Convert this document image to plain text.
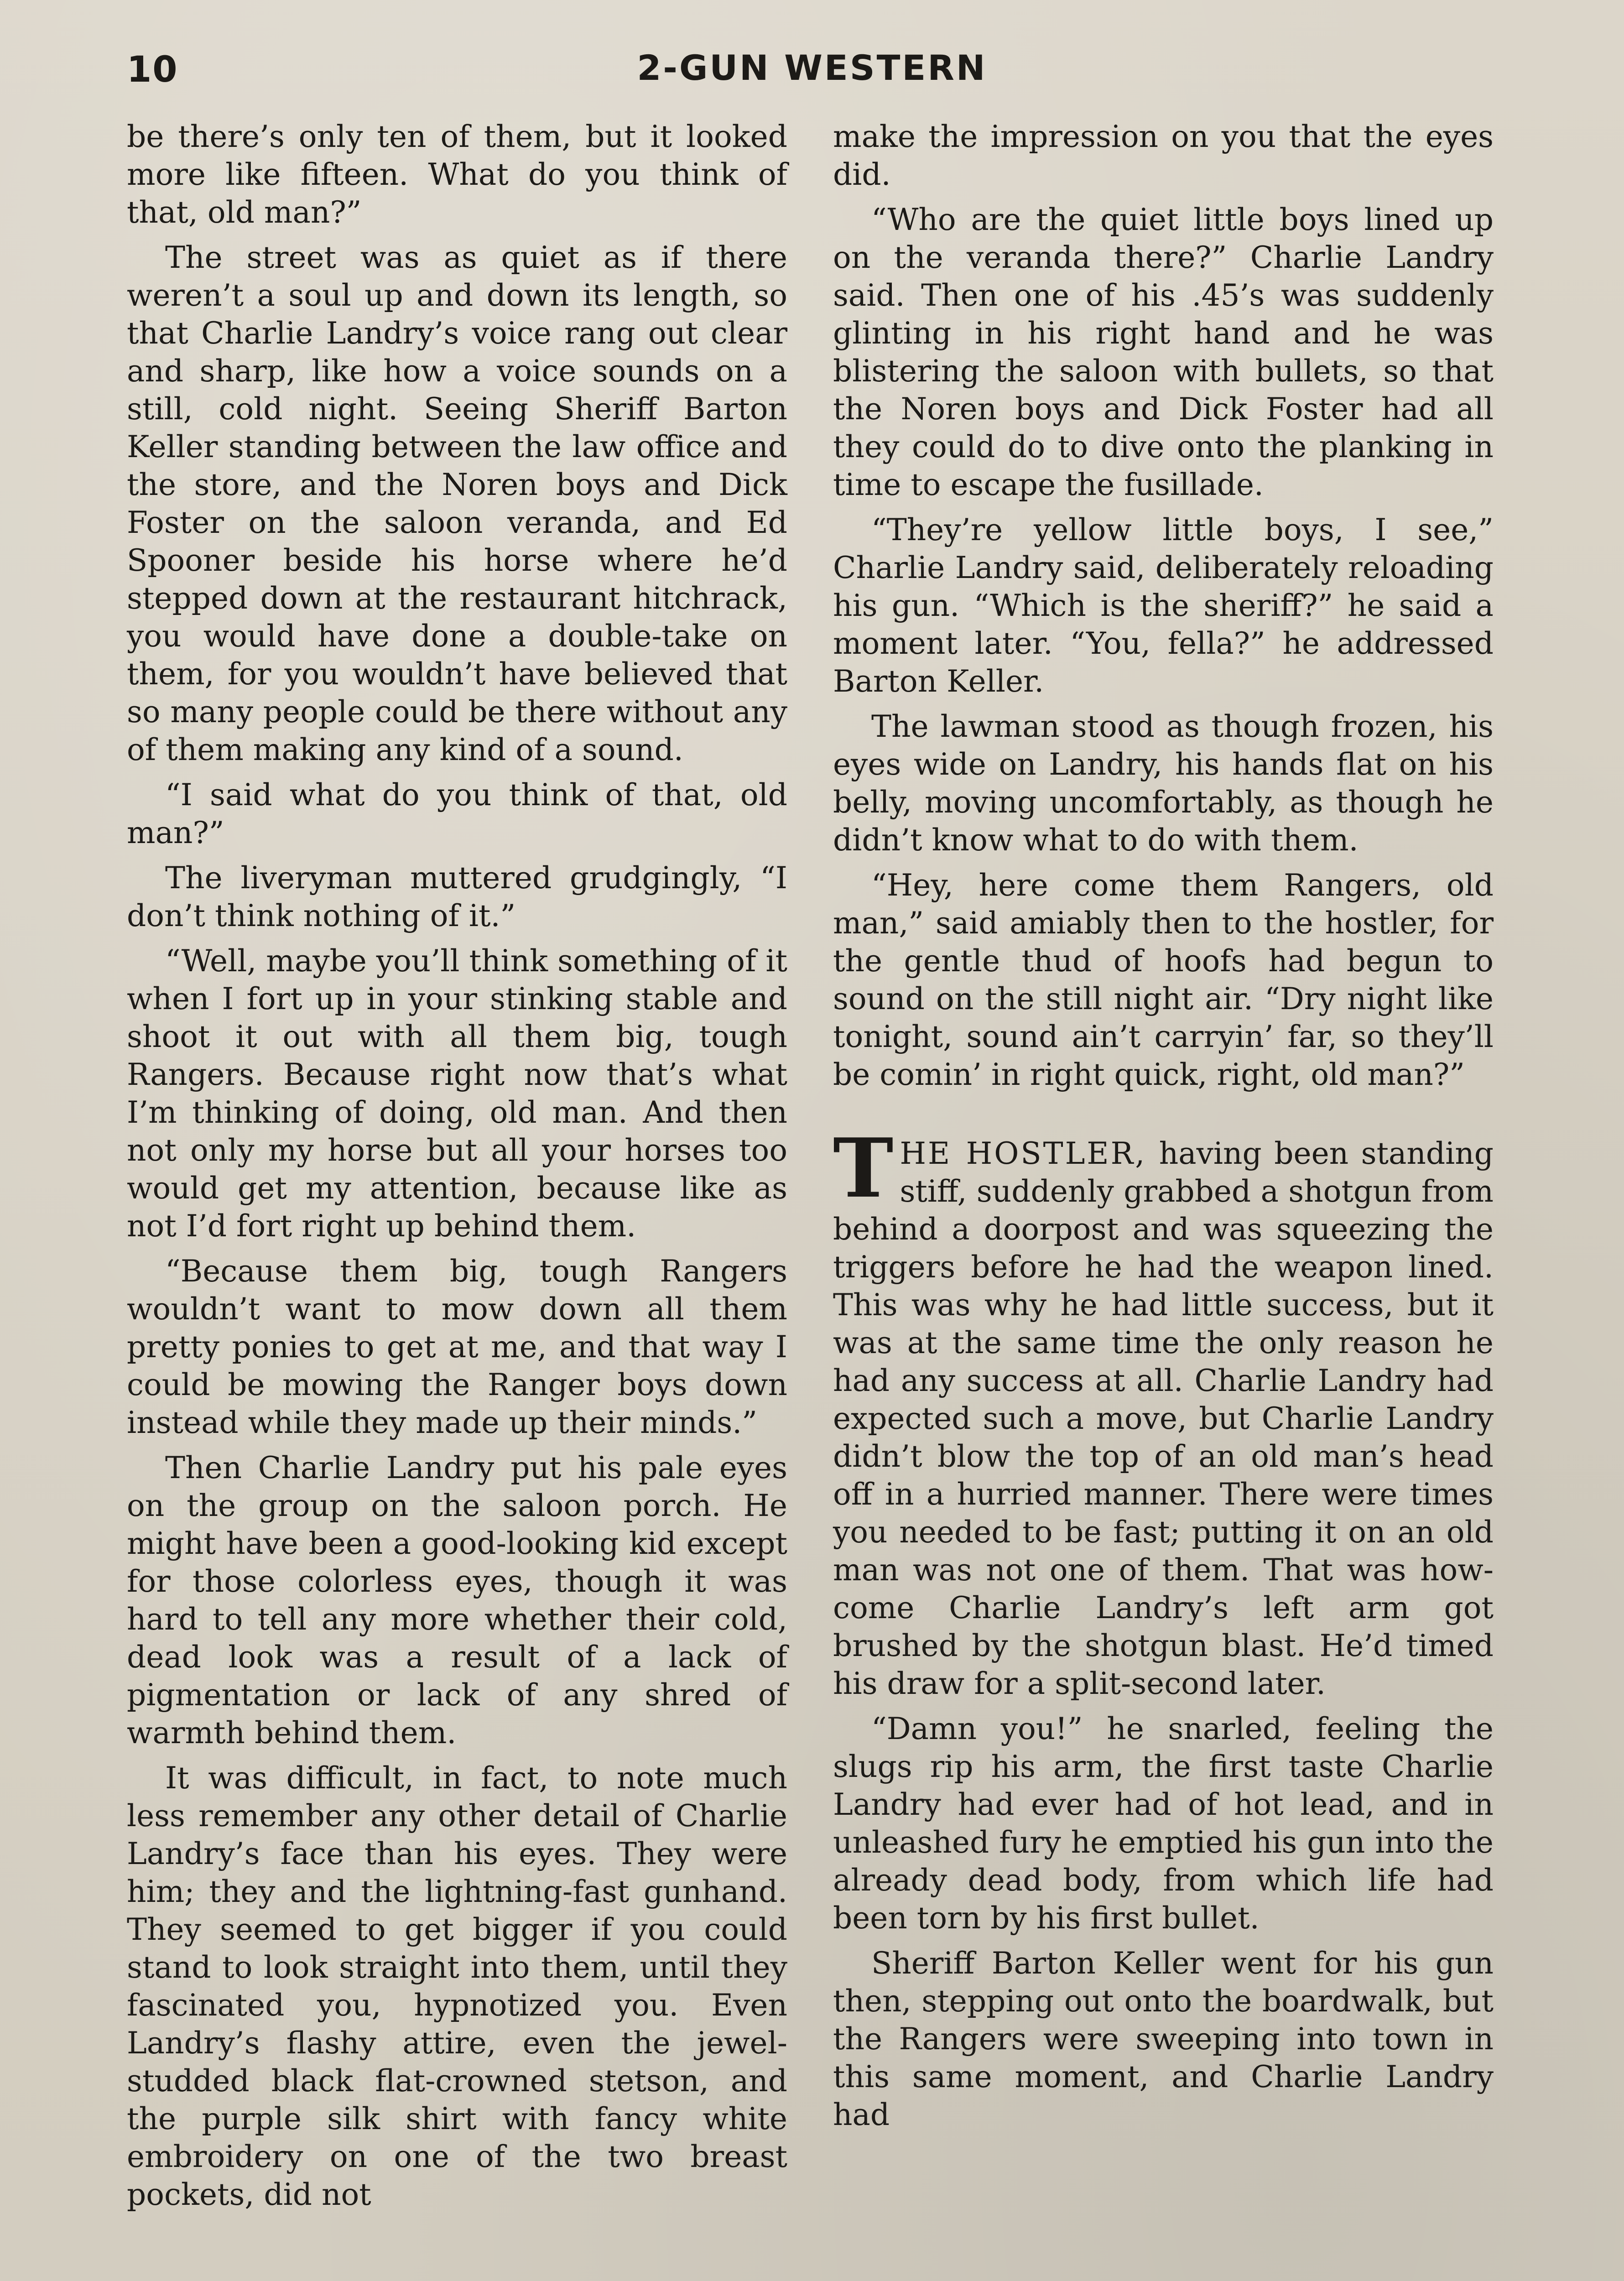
10	2-GUN WESTERN

be there’s only ten of them, but it looked more like fifteen. What do you think of that, old man?”

The street was as quiet as if there weren’t a soul up and down its length, so that Charlie Landry’s voice rang out clear and sharp, like how a voice sounds on a still, cold night. Seeing Sheriff Barton Keller standing between the law office and the store, and the Noren boys and Dick Foster on the saloon veranda, and Ed Spooner beside his horse where he’d stepped down at the restaurant hitchrack, you would have done a double-take on them, for you wouldn’t have believed that so many people could be there without any of them making any kind of a sound.

“I said what do you think of that, old man?”

The liveryman muttered grudgingly, “I don’t think nothing of it.”

“Well, maybe you’ll think something of it when I fort up in your stinking stable and shoot it out with all them big, tough Rangers. Because right now that’s what I’m thinking of doing, old man. And then not only my horse but all your horses too would get my attention, because like as not I’d fort right up behind them.

“Because them big, tough Rangers wouldn’t want to mow down all them pretty ponies to get at me, and that way I could be mowing the Ranger boys down instead while they made up their minds.”

Then Charlie Landry put his pale eyes on the group on the saloon porch. He might have been a good-looking kid except for those colorless eyes, though it was hard to tell any more whether their cold, dead look was a result of a lack of pigmentation or lack of any shred of warmth behind them.

It was difficult, in fact, to note much less remember any other detail of Charlie Landry’s face than his eyes. They were him; they and the lightning-fast gunhand. They seemed to get bigger if you could stand to look straight into them, until they fascinated you, hypnotized you. Even Landry’s flashy attire, even the jewel-studded black flat-crowned stetson, and the purple silk shirt with fancy white embroidery on one of the two breast pockets, did not

make the impression on you that the eyes did.

“Who are the quiet little boys lined up on the veranda there?” Charlie Landry said. Then one of his .45’s was suddenly glinting in his right hand and he was blistering the saloon with bullets, so that the Noren boys and Dick Foster had all they could do to dive onto the planking in time to escape the fusillade.

“They’re yellow little boys, I see,” Charlie Landry said, deliberately reloading his gun. “Which is the sheriff?” he said a moment later. “You, fella?” he addressed Barton Keller.

The lawman stood as though frozen, his eyes wide on Landry, his hands flat on his belly, moving uncomfortably, as though he didn’t know what to do with them.

“Hey, here come them Rangers, old man,” said amiably then to the hostler, for the gentle thud of hoofs had begun to sound on the still night air. “Dry night like tonight, sound ain’t carryin’ far, so they’ll be comin’ in right quick, right, old man?”

THE HOSTLER, having been standing stiff, suddenly grabbed a shotgun from behind a doorpost and was squeezing the triggers before he had the weapon lined. This was why he had little success, but it was at the same time the only reason he had any success at all. Charlie Landry had expected such a move, but Charlie Landry didn’t blow the top of an old man’s head off in a hurried manner. There were times you needed to be fast; putting it on an old man was not one of them. That was how-come Charlie Landry’s left arm got brushed by the shotgun blast. He’d timed his draw for a split-second later.

“Damn you!” he snarled, feeling the slugs rip his arm, the first taste Charlie Landry had ever had of hot lead, and in unleashed fury he emptied his gun into the already dead body, from which life had been torn by his first bullet.

Sheriff Barton Keller went for his gun then, stepping out onto the boardwalk, but the Rangers were sweeping into town in this same moment, and Charlie Landry had
